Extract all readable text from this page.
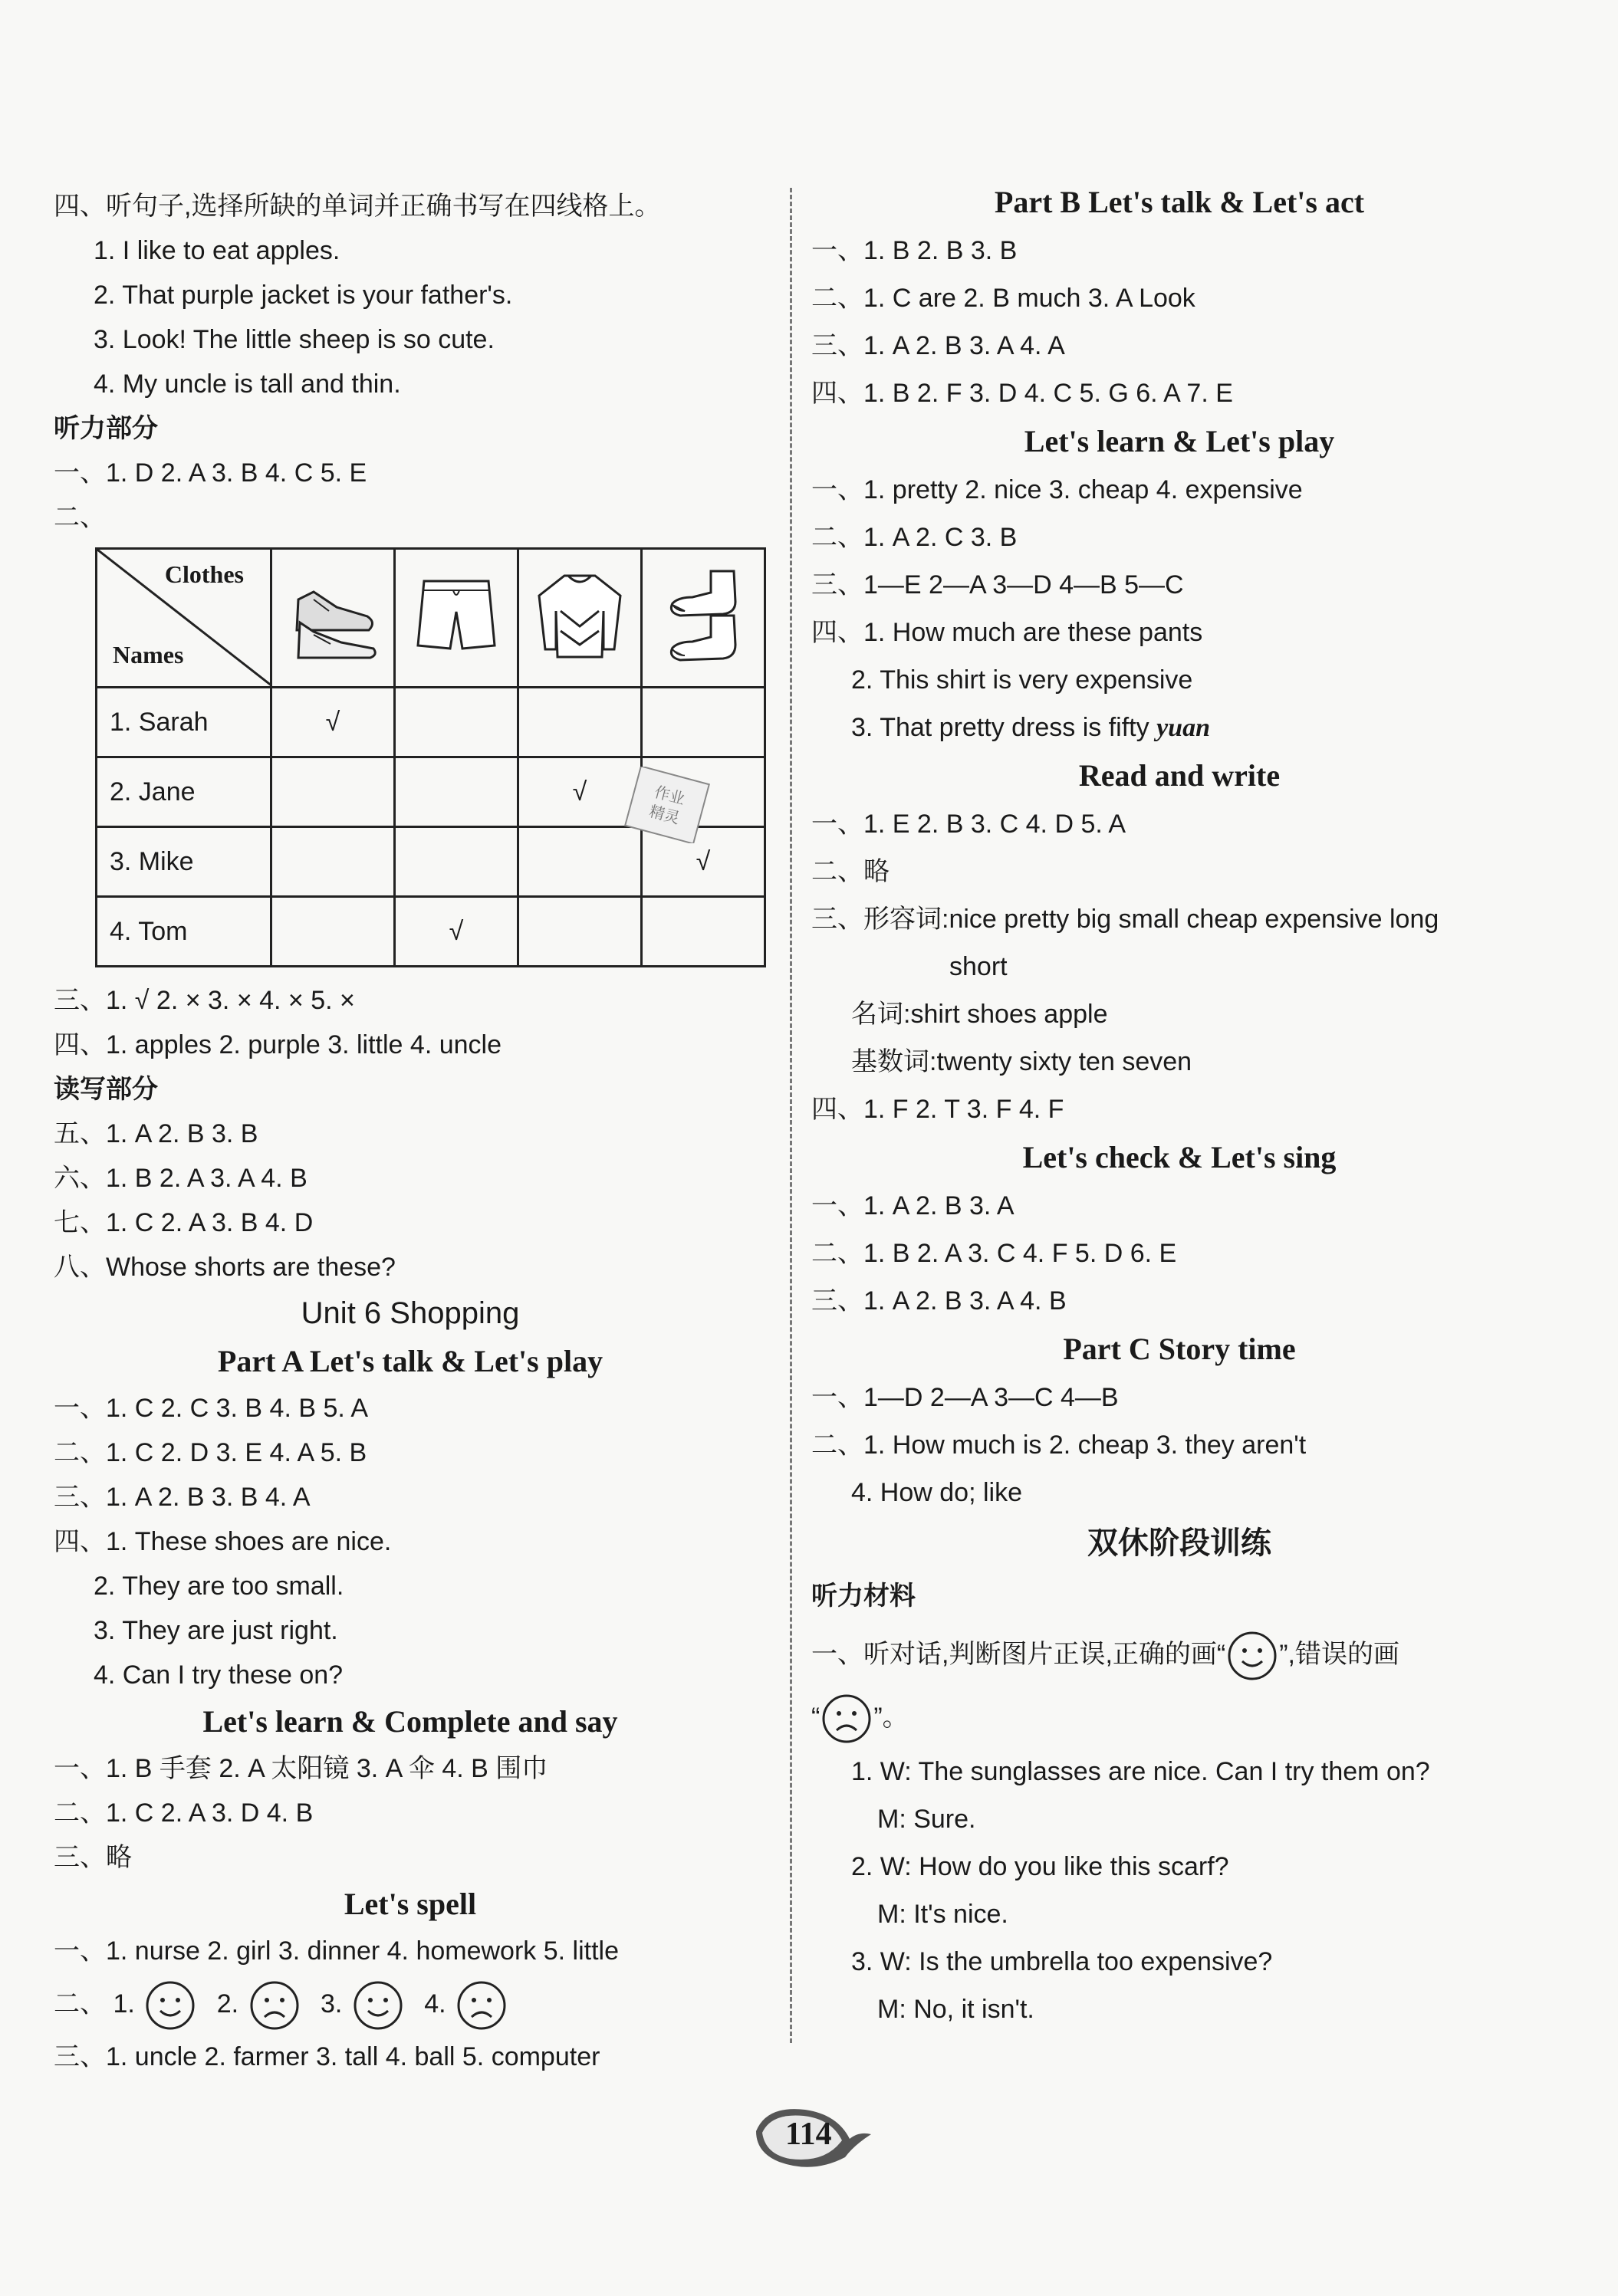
四、听句子,选择所缺的单词并正确书写在四线格上。
1. I like to eat apples.
2. That purple jacket is your father's.
3. Look! The little sheep is so cute.
4. My uncle is tall and thin.
听力部分
一、1. D 2. A 3. B 4. C 5. E
二、
Clothes
Names

1. Sarah	√			
2. Jane			√	
3. Mike				√
4. Tom		√		
三、1. √ 2. × 3. × 4. × 5. ×
四、1. apples 2. purple 3. little 4. uncle
读写部分
五、1. A 2. B 3. B
六、1. B 2. A 3. A 4. B
七、1. C 2. A 3. B 4. D
八、Whose shorts are these?
Unit 6 Shopping
Part A Let's talk & Let's play
一、1. C 2. C 3. B 4. B 5. A
二、1. C 2. D 3. E 4. A 5. B
三、1. A 2. B 3. B 4. A
四、1. These shoes are nice.
2. They are too small.
3. They are just right.
4. Can I try these on?
Let's learn & Complete and say
一、1. B 手套 2. A 太阳镜 3. A 伞 4. B 围巾
二、1. C 2. A 3. D 4. B
三、略
Let's spell
一、1. nurse 2. girl 3. dinner 4. homework 5. little
二、 1.	2.	3.	4.
三、1. uncle 2. farmer 3. tall 4. ball 5. computer
作业
精灵
Part B Let's talk & Let's act
一、1. B 2. B 3. B
二、1. C are 2. B much 3. A Look
三、1. A 2. B 3. A 4. A
四、1. B 2. F 3. D 4. C 5. G 6. A 7. E
Let's learn & Let's play
一、1. pretty 2. nice 3. cheap 4. expensive
二、1. A 2. C 3. B
三、1—E 2—A 3—D 4—B 5—C
四、1. How much are these pants
2. This shirt is very expensive
3. That pretty dress is fifty yuan
Read and write
一、1. E 2. B 3. C 4. D 5. A
二、略
三、形容词:nice pretty big small cheap expensive long
short
名词:shirt shoes apple
基数词:twenty sixty ten seven
四、1. F 2. T 3. F 4. F
Let's check & Let's sing
一、1. A 2. B 3. A
二、1. B 2. A 3. C 4. F 5. D 6. E
三、1. A 2. B 3. A 4. B
Part C Story time
一、1—D 2—A 3—C 4—B
二、1. How much is 2. cheap 3. they aren't
4. How do; like
双休阶段训练
听力材料
一、听对话,判断图片正误,正确的画“ ”,错误的画
“ ”。
1. W: The sunglasses are nice. Can I try them on?
M: Sure.
2. W: How do you like this scarf?
M: It's nice.
3. W: Is the umbrella too expensive?
M: No, it isn't.
114
